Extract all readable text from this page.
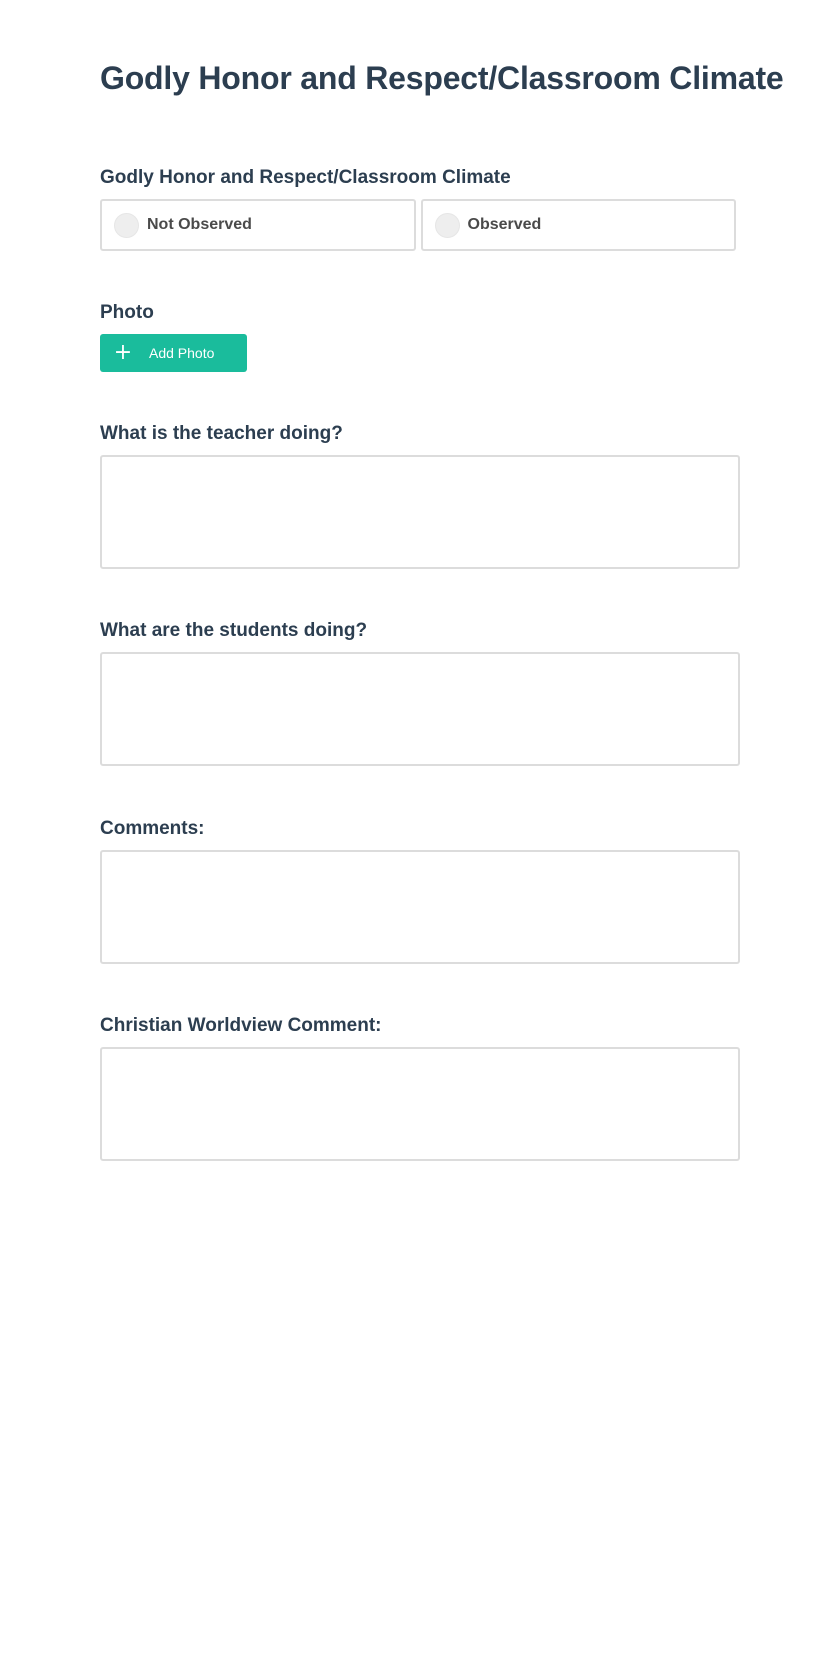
Godly Honor and Respect/Classroom Climate
Godly Honor and Respect/Classroom Climate
Not Observed	Observed
Photo
+	Add Photo
What is the teacher doing?
What are the students doing?
Comments:
Christian Worldview Comment:
